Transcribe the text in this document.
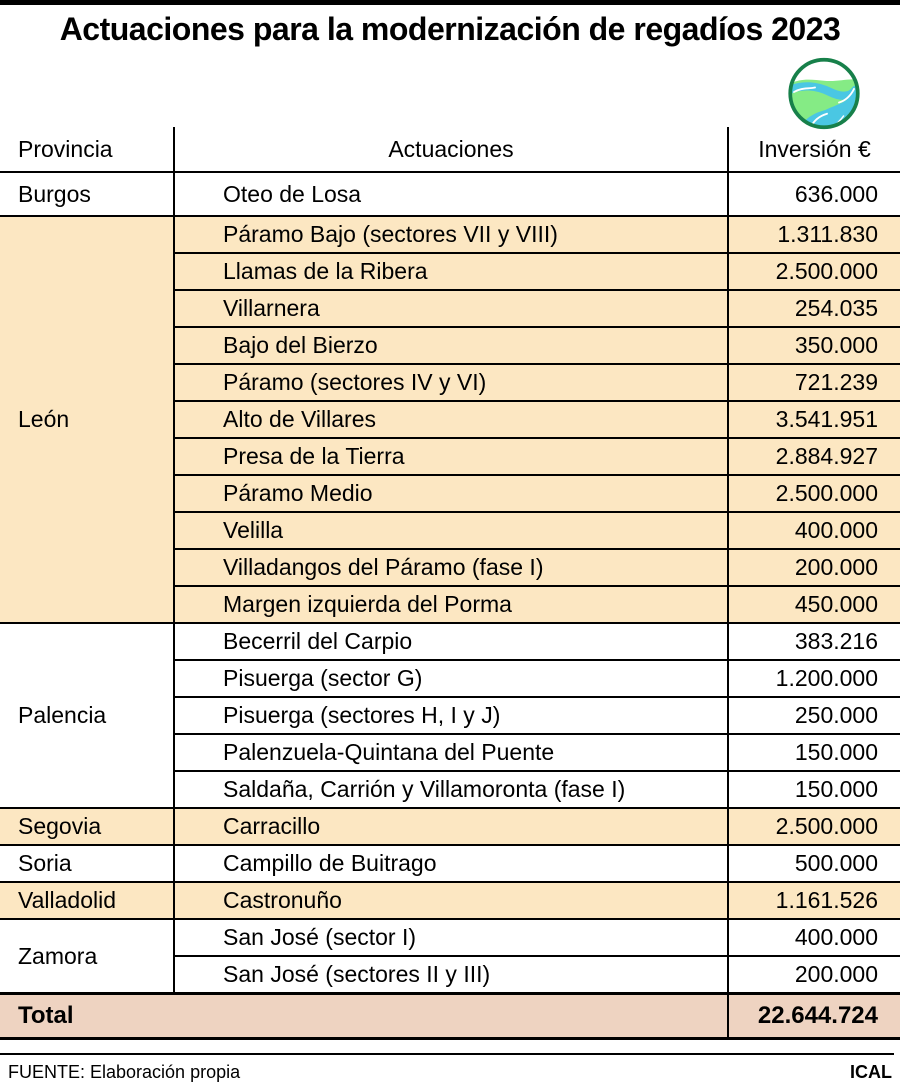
Actuaciones para la modernización de regadíos 2023
Provincia	Actuaciones	Inversión €
Burgos	Oteo de Losa	636.000
León
Páramo Bajo (sectores VII y VIII)	1.311.830
Llamas de la Ribera	2.500.000
Villarnera	254.035
Bajo del Bierzo	350.000
Páramo (sectores IV y VI)	721.239
Alto de Villares	3.541.951
Presa de la Tierra	2.884.927
Páramo Medio	2.500.000
Velilla	400.000
Villadangos del Páramo (fase I)	200.000
Margen izquierda del Porma	450.000
Palencia
Becerril del Carpio	383.216
Pisuerga (sector G)	1.200.000
Pisuerga (sectores H, I y J)	250.000
Palenzuela-Quintana del Puente	150.000
Saldaña, Carrión y Villamoronta (fase I)	150.000
Segovia	Carracillo	2.500.000
Soria	Campillo de Buitrago	500.000
Valladolid	Castronuño	1.161.526
Zamora
San José (sector I)	400.000
San José (sectores II y III)	200.000
Total	22.644.724
FUENTE: Elaboración propia	ICAL
